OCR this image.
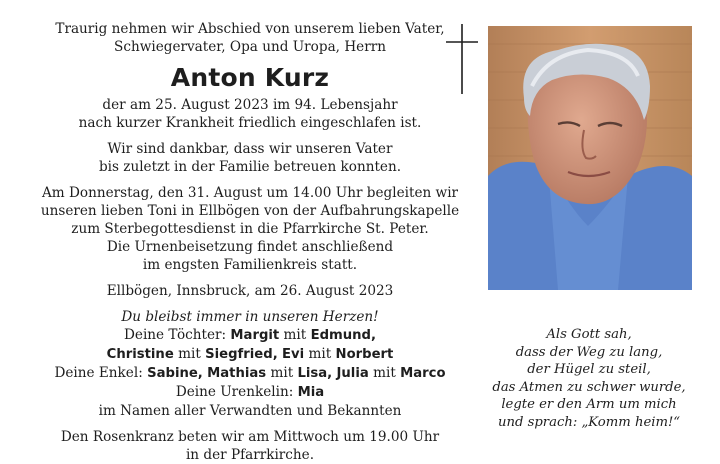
Traurig nehmen wir Abschied von unserem lieben Vater,

Schwiegervater, Opa und Uropa, Herrn

Anton Kurz

der am 25. August 2023 im 94. Lebensjahr

nach kurzer Krankheit friedlich eingeschlafen ist.

Wir sind dankbar, dass wir unseren Vater

bis zuletzt in der Familie betreuen konnten.

Am Donnerstag, den 31. August um 14.00 Uhr begleiten wir

unseren lieben Toni in Ellbögen von der Aufbahrungskapelle

zum Sterbegottesdienst in die Pfarrkirche St. Peter.

Die Urnenbeisetzung findet anschließend

im engsten Familienkreis statt.

Ellbögen, Innsbruck, am 26. August 2023

Du bleibst immer in unseren Herzen!

Deine Töchter: Margit mit Edmund,

Christine mit Siegfried, Evi mit Norbert

Deine Enkel: Sabine, Mathias mit Lisa, Julia mit Marco

Deine Urenkelin: Mia

im Namen aller Verwandten und Bekannten

Den Rosenkranz beten wir am Mittwoch um 19.00 Uhr

in der Pfarrkirche.

Als Gott sah,

dass der Weg zu lang,

der Hügel zu steil,

das Atmen zu schwer wurde,

legte er den Arm um mich

und sprach: „Komm heim!“
